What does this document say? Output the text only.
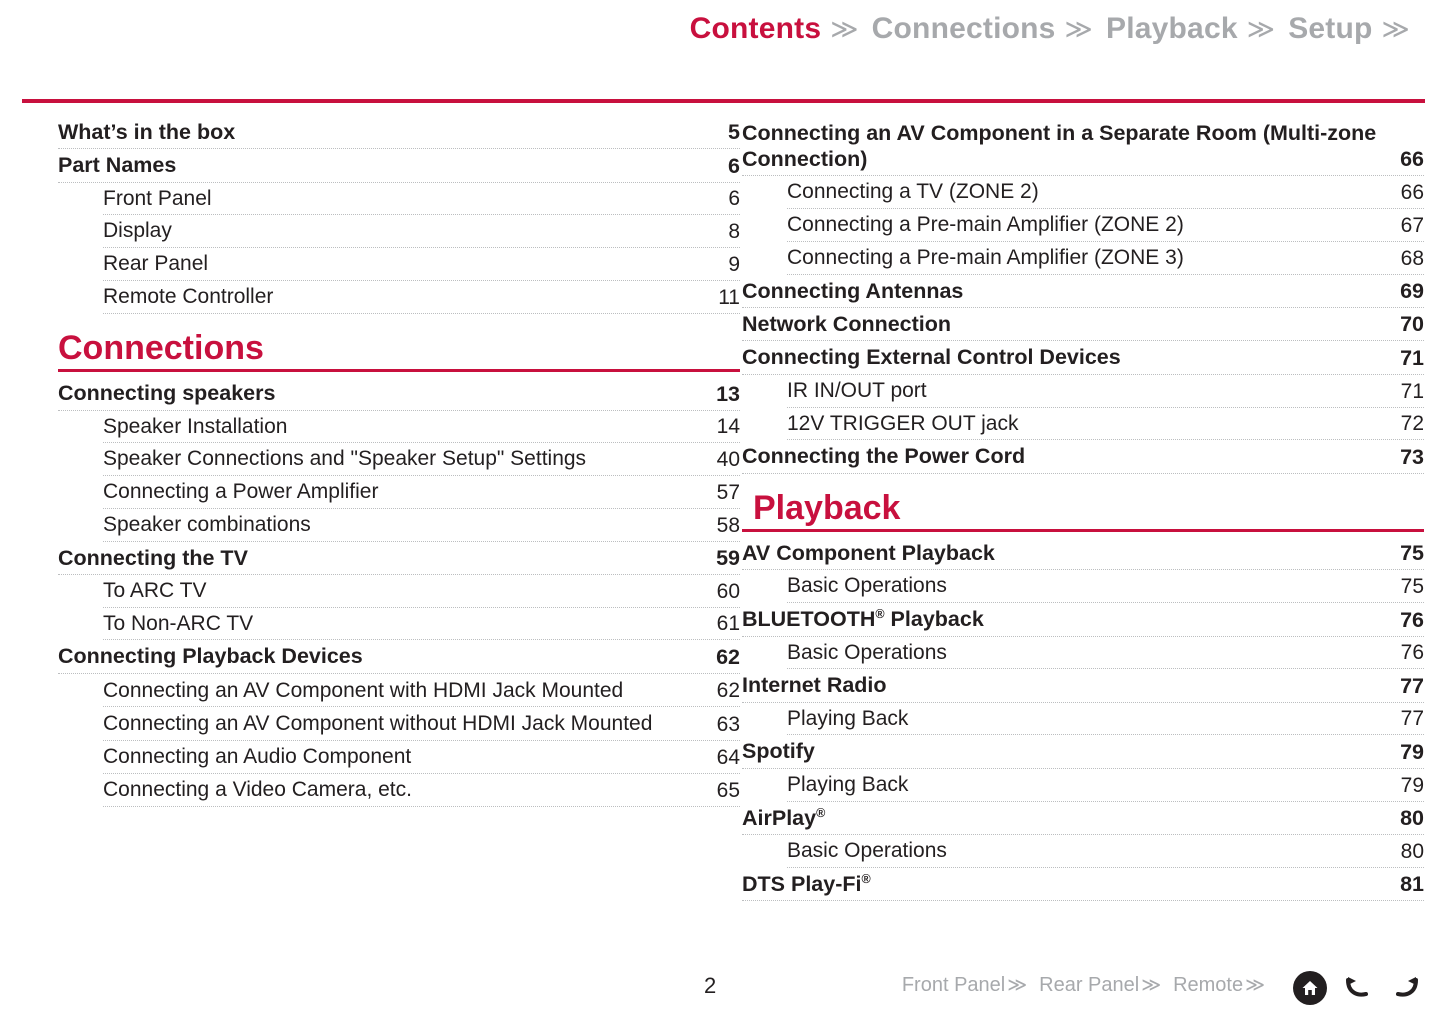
Contents ≫ Connections ≫ Playback ≫ Setup ≫
What’s in the box	5
Part Names	6
Front Panel	6
Display	8
Rear Panel	9
Remote Controller	11
Connections
Connecting speakers	13
Speaker Installation	14
Speaker Connections and "Speaker Setup" Settings	40
Connecting a Power Amplifier	57
Speaker combinations	58
Connecting the TV	59
To ARC TV	60
To Non-ARC TV	61
Connecting Playback Devices	62
Connecting an AV Component with HDMI Jack Mounted	62
Connecting an AV Component without HDMI Jack Mounted	63
Connecting an Audio Component	64
Connecting a Video Camera, etc.	65
Connecting an AV Component in a Separate Room (Multi-zone Connection)	66
Connecting a TV (ZONE 2)	66
Connecting a Pre-main Amplifier (ZONE 2)	67
Connecting a Pre-main Amplifier (ZONE 3)	68
Connecting Antennas	69
Network Connection	70
Connecting External Control Devices	71
IR IN/OUT port	71
12V TRIGGER OUT jack	72
Connecting the Power Cord	73
Playback
AV Component Playback	75
Basic Operations	75
BLUETOOTH® Playback	76
Basic Operations	76
Internet Radio	77
Playing Back	77
Spotify	79
Playing Back	79
AirPlay®	80
Basic Operations	80
DTS Play-Fi®	81
2	Front Panel ≫ Rear Panel ≫ Remote ≫
